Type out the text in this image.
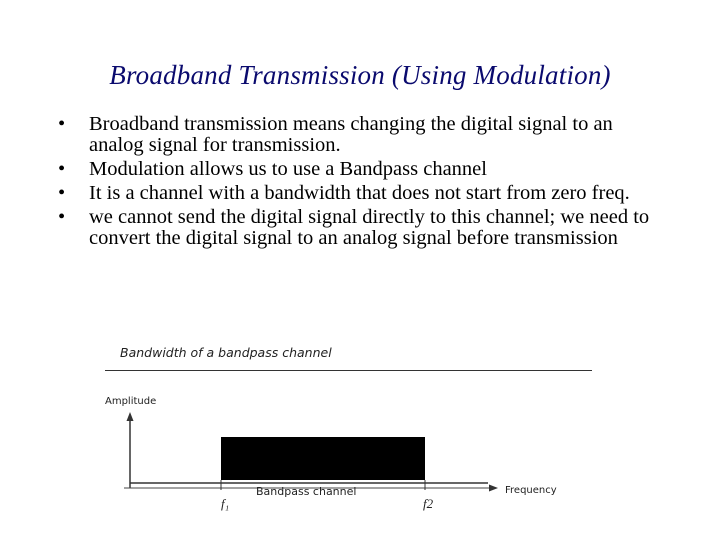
Broadband Transmission (Using Modulation)
• Broadband transmission means changing the digital signal to an analog signal for transmission.
• Modulation allows us to use a Bandpass channel
• It is a channel with a bandwidth that does not start from zero freq.
• we cannot send the digital signal directly to this channel; we need to convert the digital signal to an analog signal before transmission
Bandwidth of a bandpass channel
Amplitude
Bandpass channel	Frequency
f₁	f2
